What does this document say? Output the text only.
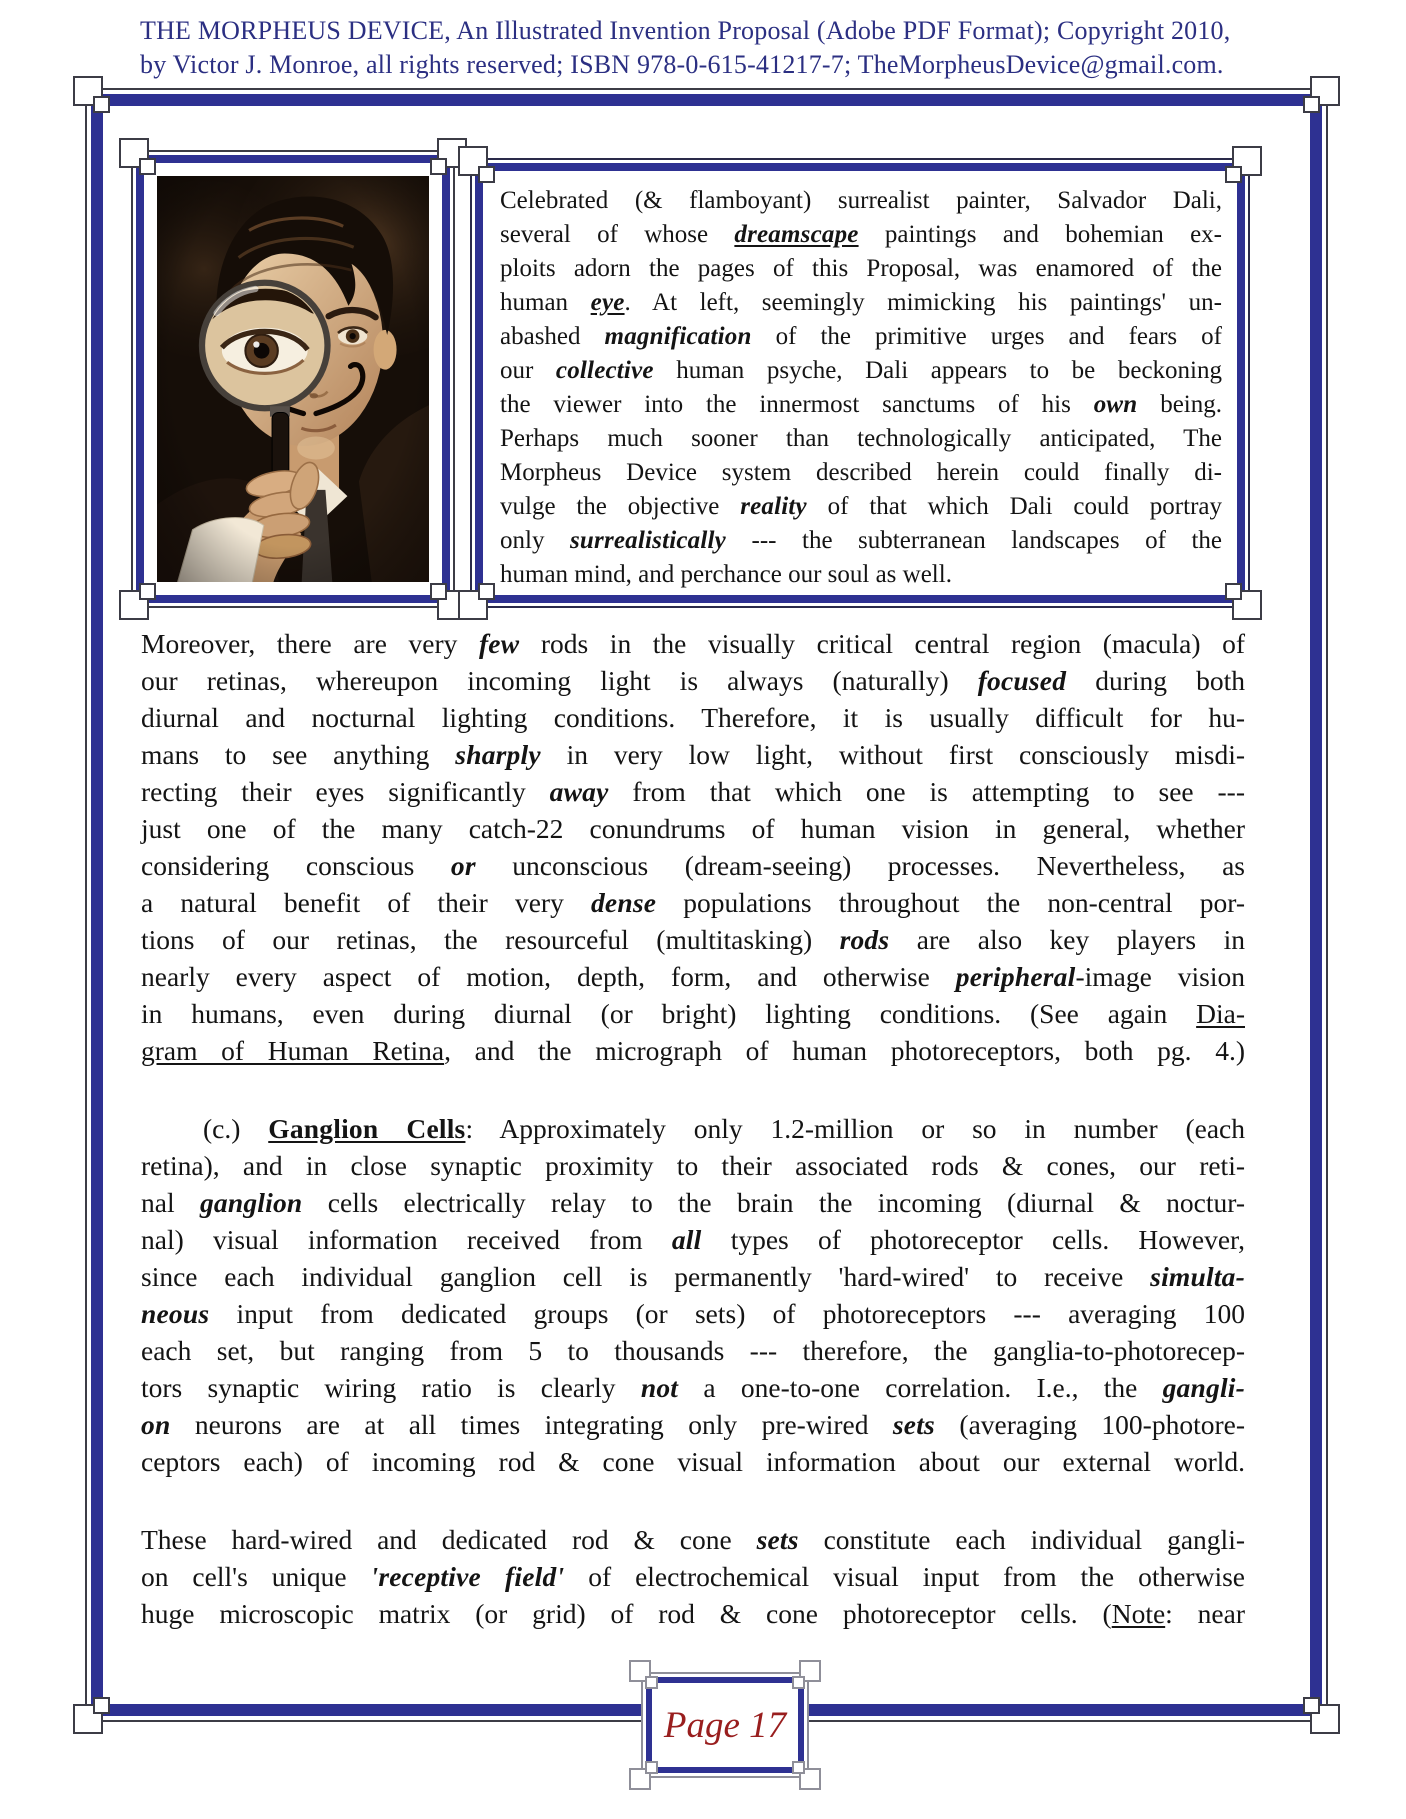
THE MORPHEUS DEVICE, An Illustrated Invention Proposal (Adobe PDF Format); Copyright 2010,
by Victor J. Monroe, all rights reserved; ISBN 978-0-615-41217-7; TheMorpheusDevice@gmail.com.
Celebrated (& flamboyant) surrealist painter, Salvador Dali,
several of whose dreamscape paintings and bohemian ex-
ploits adorn the pages of this Proposal, was enamored of the
human eye. At left, seemingly mimicking his paintings' un-
abashed magnification of the primitive urges and fears of
our collective human psyche, Dali appears to be beckoning
the viewer into the innermost sanctums of his own being.
Perhaps much sooner than technologically anticipated, The
Morpheus Device system described herein could finally di-
vulge the objective reality of that which Dali could portray
only surrealistically --- the subterranean landscapes of the
human mind, and perchance our soul as well.
Moreover, there are very few rods in the visually critical central region (macula) of
our retinas, whereupon incoming light is always (naturally) focused during both
diurnal and nocturnal lighting conditions. Therefore, it is usually difficult for hu-
mans to see anything sharply in very low light, without first consciously misdi-
recting their eyes significantly away from that which one is attempting to see ---
just one of the many catch-22 conundrums of human vision in general, whether
considering conscious or unconscious (dream-seeing) processes. Nevertheless, as
a natural benefit of their very dense populations throughout the non-central por-
tions of our retinas, the resourceful (multitasking) rods are also key players in
nearly every aspect of motion, depth, form, and otherwise peripheral-image vision
in humans, even during diurnal (or bright) lighting conditions. (See again Dia-
gram of Human Retina, and the micrograph of human photoreceptors, both pg. 4.)
(c.) Ganglion Cells: Approximately only 1.2-million or so in number (each
retina), and in close synaptic proximity to their associated rods & cones, our reti-
nal ganglion cells electrically relay to the brain the incoming (diurnal & noctur-
nal) visual information received from all types of photoreceptor cells. However,
since each individual ganglion cell is permanently 'hard-wired' to receive simulta-
neous input from dedicated groups (or sets) of photoreceptors --- averaging 100
each set, but ranging from 5 to thousands --- therefore, the ganglia-to-photorecep-
tors synaptic wiring ratio is clearly not a one-to-one correlation. I.e., the gangli-
on neurons are at all times integrating only pre-wired sets (averaging 100-photore-
ceptors each) of incoming rod & cone visual information about our external world.
These hard-wired and dedicated rod & cone sets constitute each individual gangli-
on cell's unique 'receptive field' of electrochemical visual input from the otherwise
huge microscopic matrix (or grid) of rod & cone photoreceptor cells. (Note: near
Page 17
